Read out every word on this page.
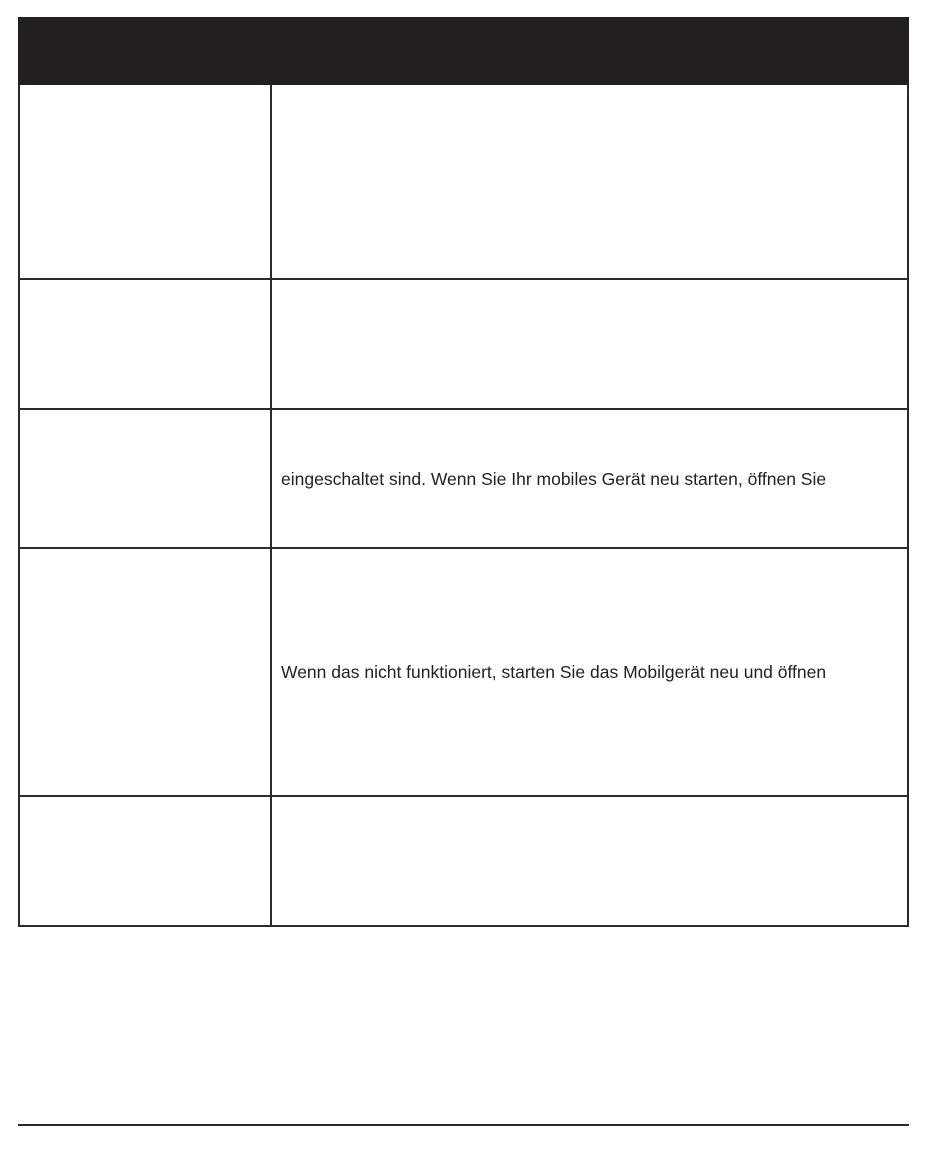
eingeschaltet sind. Wenn Sie Ihr mobiles Gerät neu starten, öffnen Sie
Wenn das nicht funktioniert, starten Sie das Mobilgerät neu und öffnen
